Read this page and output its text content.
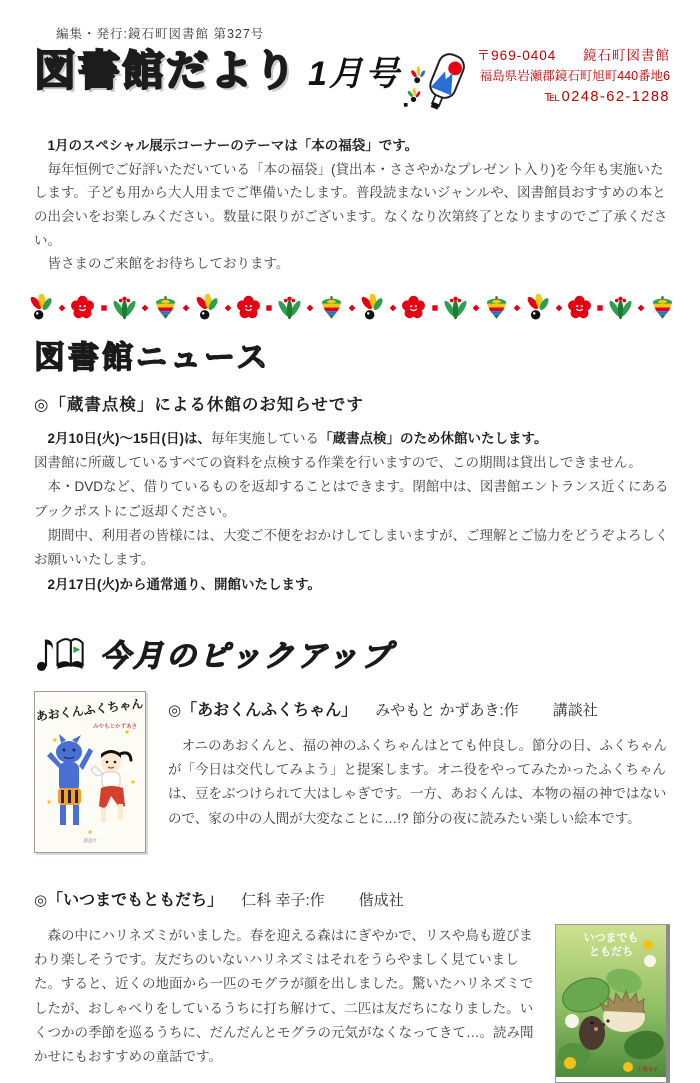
編集・発行:鏡石町図書館 第327号
図書館だより 1月号	〒969-0404 鏡石町図書館
福島県岩瀬郡鏡石町旭町440番地6
℡0248-62-1288

1月のスペシャル展示コーナーのテーマは「本の福袋」です。

毎年恒例でご好評いただいている「本の福袋」(貸出本・ささやかなプレゼント入り)を今年も実施いたします。子ども用から大人用までご準備いたします。普段読まないジャンルや、図書館員おすすめの本との出会いをお楽しみください。数量に限りがございます。なくなり次第終了となりますのでご了承ください。

皆さまのご来館をお待ちしております。

図書館ニュース
◎「蔵書点検」による休館のお知らせです

2月10日(火)〜15日(日)は、毎年実施している「蔵書点検」のため休館いたします。

図書館に所蔵しているすべての資料を点検する作業を行いますので、この期間は貸出しできません。

本・DVDなど、借りているものを返却することはできます。閉館中は、図書館エントランス近くにあるブックポストにご返却ください。

期間中、利用者の皆様には、大変ご不便をおかけしてしまいますが、ご理解とご協力をどうぞよろしくお願いいたします。

2月17日(火)から通常通り、開館いたします。

今月のピックアップ
あおくんふくちゃん
みやもとかずあき
講談社
◎「あおくんふくちゃん」 みやもと かずあき:作 講談社

オニのあおくんと、福の神のふくちゃんはとても仲良し。節分の日、ふくちゃんが「今日は交代してみよう」と提案します。オニ役をやってみたかったふくちゃんは、豆をぶつけられて大はしゃぎです。一方、あおくんは、本物の福の神ではないので、家の中の人間が大変なことに…!? 節分の夜に読みたい楽しい絵本です。

◎「いつまでもともだち」 仁科 幸子:作 偕成社

森の中にハリネズミがいました。春を迎える森はにぎやかで、リスや鳥も遊びまわり楽しそうです。友だちのいないハリネズミはそれをうらやましく見ていました。すると、近くの地面から一匹のモグラが顔を出しました。驚いたハリネズミでしたが、おしゃべりをしているうちに打ち解けて、二匹は友だちになりました。いくつかの季節を巡るうちに、だんだんとモグラの元気がなくなってきて…。読み聞かせにもおすすめの童話です。

いつまでも
ともだち
仁科幸子
